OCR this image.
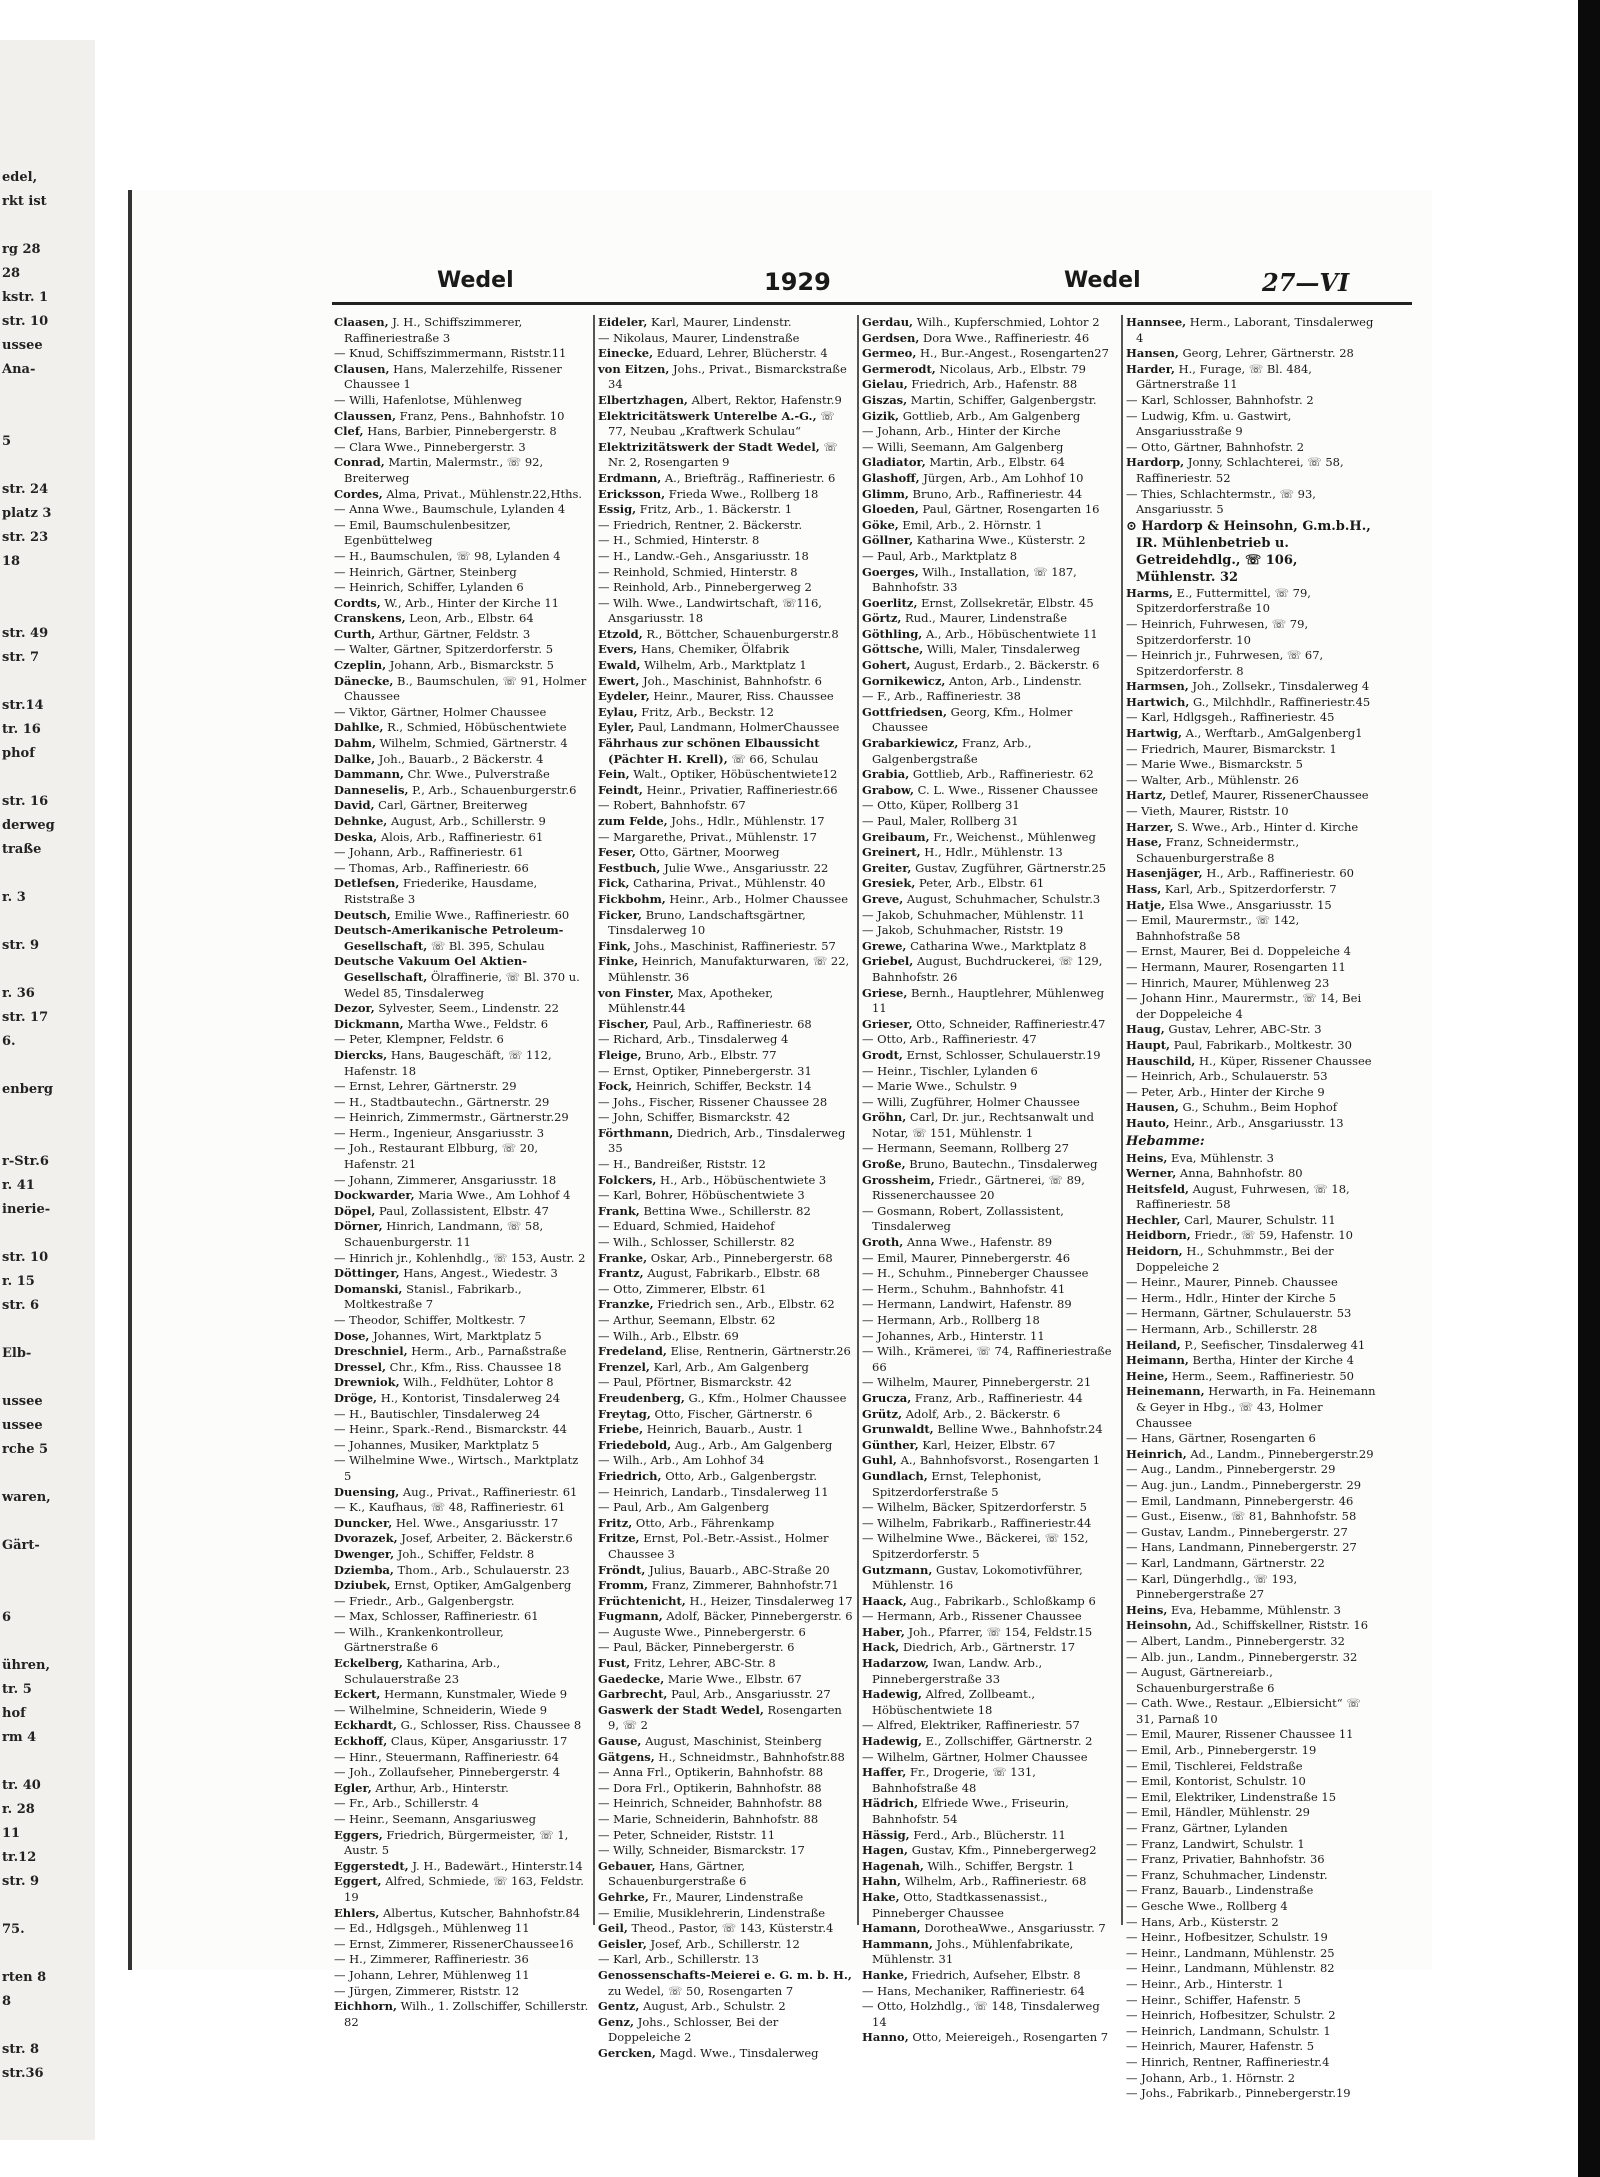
edel,
rkt ist
rg 28
28
kstr. 1
str. 10
ussee
Ana-
5
str. 24
platz 3
str. 23
18
str. 49
str. 7
str.14
tr. 16
phof
str. 16
derweg
traße
r. 3
str. 9
r. 36
str. 17
6.
enberg
r-Str.6
r. 41
inerie-
str. 10
r. 15
str. 6
Elb-
ussee
ussee
rche 5
waren,
Gärt-
6
ühren,
tr. 5
hof
rm 4
tr. 40
r. 28
11
tr.12
str. 9
75.
rten 8
8
str. 8
str.36
Wedel	1929	Wedel	27—VI

Claasen, J. H., Schiffszimmerer, Raffineriestraße 3

— Knud, Schiffszimmermann, Riststr.11

Clausen, Hans, Malerzehilfe, Rissener Chaussee 1

— Willi, Hafenlotse, Mühlenweg

Claussen, Franz, Pens., Bahnhofstr. 10

Clef, Hans, Barbier, Pinnebergerstr. 8

— Clara Wwe., Pinnebergerstr. 3

Conrad, Martin, Malermstr., ☏ 92, Breiterweg

Cordes, Alma, Privat., Mühlenstr.22,Hths.

— Anna Wwe., Baumschule, Lylanden 4

— Emil, Baumschulenbesitzer, Egenbüttelweg

— H., Baumschulen, ☏ 98, Lylanden 4

— Heinrich, Gärtner, Steinberg

— Heinrich, Schiffer, Lylanden 6

Cordts, W., Arb., Hinter der Kirche 11

Cranskens, Leon, Arb., Elbstr. 64

Curth, Arthur, Gärtner, Feldstr. 3

— Walter, Gärtner, Spitzerdorferstr. 5

Czeplin, Johann, Arb., Bismarckstr. 5

Dänecke, B., Baumschulen, ☏ 91, Holmer Chaussee

— Viktor, Gärtner, Holmer Chaussee

Dahlke, R., Schmied, Höbüschentwiete

Dahm, Wilhelm, Schmied, Gärtnerstr. 4

Dalke, Joh., Bauarb., 2 Bäckerstr. 4

Dammann, Chr. Wwe., Pulverstraße

Danneselis, P., Arb., Schauenburgerstr.6

David, Carl, Gärtner, Breiterweg

Dehnke, August, Arb., Schillerstr. 9

Deska, Alois, Arb., Raffineriestr. 61

— Johann, Arb., Raffineriestr. 61

— Thomas, Arb., Raffineriestr. 66

Detlefsen, Friederike, Hausdame, Riststraße 3

Deutsch, Emilie Wwe., Raffineriestr. 60

Deutsch-Amerikanische Petroleum-Gesellschaft, ☏ Bl. 395, Schulau

Deutsche Vakuum Oel Aktien-Gesellschaft, Ölraffinerie, ☏ Bl. 370 u. Wedel 85, Tinsdalerweg

Dezor, Sylvester, Seem., Lindenstr. 22

Dickmann, Martha Wwe., Feldstr. 6

— Peter, Klempner, Feldstr. 6

Diercks, Hans, Baugeschäft, ☏ 112, Hafenstr. 18

— Ernst, Lehrer, Gärtnerstr. 29

— H., Stadtbautechn., Gärtnerstr. 29

— Heinrich, Zimmermstr., Gärtnerstr.29

— Herm., Ingenieur, Ansgariusstr. 3

— Joh., Restaurant Elbburg, ☏ 20, Hafenstr. 21

— Johann, Zimmerer, Ansgariusstr. 18

Dockwarder, Maria Wwe., Am Lohhof 4

Döpel, Paul, Zollassistent, Elbstr. 47

Dörner, Hinrich, Landmann, ☏ 58, Schauenburgerstr. 11

— Hinrich jr., Kohlenhdlg., ☏ 153, Austr. 2

Döttinger, Hans, Angest., Wiedestr. 3

Domanski, Stanisl., Fabrikarb., Moltkestraße 7

— Theodor, Schiffer, Moltkestr. 7

Dose, Johannes, Wirt, Marktplatz 5

Dreschniel, Herm., Arb., Parnaßstraße

Dressel, Chr., Kfm., Riss. Chaussee 18

Drewniok, Wilh., Feldhüter, Lohtor 8

Dröge, H., Kontorist, Tinsdalerweg 24

— H., Bautischler, Tinsdalerweg 24

— Heinr., Spark.-Rend., Bismarckstr. 44

— Johannes, Musiker, Marktplatz 5

— Wilhelmine Wwe., Wirtsch., Marktplatz 5

Duensing, Aug., Privat., Raffineriestr. 61

— K., Kaufhaus, ☏ 48, Raffineriestr. 61

Duncker, Hel. Wwe., Ansgariusstr. 17

Dvorazek, Josef, Arbeiter, 2. Bäckerstr.6

Dwenger, Joh., Schiffer, Feldstr. 8

Dziemba, Thom., Arb., Schulauerstr. 23

Dziubek, Ernst, Optiker, AmGalgenberg

— Friedr., Arb., Galgenbergstr.

— Max, Schlosser, Raffineriestr. 61

— Wilh., Krankenkontrolleur, Gärtnerstraße 6

Eckelberg, Katharina, Arb., Schulauerstraße 23

Eckert, Hermann, Kunstmaler, Wiede 9

— Wilhelmine, Schneiderin, Wiede 9

Eckhardt, G., Schlosser, Riss. Chaussee 8

Eckhoff, Claus, Küper, Ansgariusstr. 17

— Hinr., Steuermann, Raffineriestr. 64

— Joh., Zollaufseher, Pinnebergerstr. 4

Egler, Arthur, Arb., Hinterstr.

— Fr., Arb., Schillerstr. 4

— Heinr., Seemann, Ansgariusweg

Eggers, Friedrich, Bürgermeister, ☏ 1, Austr. 5

Eggerstedt, J. H., Badewärt., Hinterstr.14

Eggert, Alfred, Schmiede, ☏ 163, Feldstr. 19

Ehlers, Albertus, Kutscher, Bahnhofstr.84

— Ed., Hdlgsgeh., Mühlenweg 11

— Ernst, Zimmerer, RissenerChaussee16

— H., Zimmerer, Raffineriestr. 36

— Johann, Lehrer, Mühlenweg 11

— Jürgen, Zimmerer, Riststr. 12

Eichhorn, Wilh., 1. Zollschiffer, Schillerstr. 82

Eideler, Karl, Maurer, Lindenstr.

— Nikolaus, Maurer, Lindenstraße

Einecke, Eduard, Lehrer, Blücherstr. 4

von Eitzen, Johs., Privat., Bismarckstraße 34

Elbertzhagen, Albert, Rektor, Hafenstr.9

Elektricitätswerk Unterelbe A.-G., ☏ 77, Neubau „Kraftwerk Schulau“

Elektrizitätswerk der Stadt Wedel, ☏ Nr. 2, Rosengarten 9

Erdmann, A., Briefträg., Raffineriestr. 6

Ericksson, Frieda Wwe., Rollberg 18

Essig, Fritz, Arb., 1. Bäckerstr. 1

— Friedrich, Rentner, 2. Bäckerstr.

— H., Schmied, Hinterstr. 8

— H., Landw.-Geh., Ansgariusstr. 18

— Reinhold, Schmied, Hinterstr. 8

— Reinhold, Arb., Pinnebergerweg 2

— Wilh. Wwe., Landwirtschaft, ☏116, Ansgariusstr. 18

Etzold, R., Böttcher, Schauenburgerstr.8

Evers, Hans, Chemiker, Ölfabrik

Ewald, Wilhelm, Arb., Marktplatz 1

Ewert, Joh., Maschinist, Bahnhofstr. 6

Eydeler, Heinr., Maurer, Riss. Chaussee

Eylau, Fritz, Arb., Beckstr. 12

Eyler, Paul, Landmann, HolmerChaussee

Fährhaus zur schönen Elbaussicht (Pächter H. Krell), ☏ 66, Schulau

Fein, Walt., Optiker, Höbüschentwiete12

Feindt, Heinr., Privatier, Raffineriestr.66

— Robert, Bahnhofstr. 67

zum Felde, Johs., Hdlr., Mühlenstr. 17

— Margarethe, Privat., Mühlenstr. 17

Feser, Otto, Gärtner, Moorweg

Festbuch, Julie Wwe., Ansgariusstr. 22

Fick, Catharina, Privat., Mühlenstr. 40

Fickbohm, Heinr., Arb., Holmer Chaussee

Ficker, Bruno, Landschaftsgärtner, Tinsdalerweg 10

Fink, Johs., Maschinist, Raffineriestr. 57

Finke, Heinrich, Manufakturwaren, ☏ 22, Mühlenstr. 36

von Finster, Max, Apotheker, Mühlenstr.44

Fischer, Paul, Arb., Raffineriestr. 68

— Richard, Arb., Tinsdalerweg 4

Fleige, Bruno, Arb., Elbstr. 77

— Ernst, Optiker, Pinnebergerstr. 31

Fock, Heinrich, Schiffer, Beckstr. 14

— Johs., Fischer, Rissener Chaussee 28

— John, Schiffer, Bismarckstr. 42

Förthmann, Diedrich, Arb., Tinsdalerweg 35

— H., Bandreißer, Riststr. 12

Folckers, H., Arb., Höbüschentwiete 3

— Karl, Bohrer, Höbüschentwiete 3

Frank, Bettina Wwe., Schillerstr. 82

— Eduard, Schmied, Haidehof

— Wilh., Schlosser, Schillerstr. 82

Franke, Oskar, Arb., Pinnebergerstr. 68

Frantz, August, Fabrikarb., Elbstr. 68

— Otto, Zimmerer, Elbstr. 61

Franzke, Friedrich sen., Arb., Elbstr. 62

— Arthur, Seemann, Elbstr. 62

— Wilh., Arb., Elbstr. 69

Fredeland, Elise, Rentnerin, Gärtnerstr.26

Frenzel, Karl, Arb., Am Galgenberg

— Paul, Pförtner, Bismarckstr. 42

Freudenberg, G., Kfm., Holmer Chaussee

Freytag, Otto, Fischer, Gärtnerstr. 6

Friebe, Heinrich, Bauarb., Austr. 1

Friedebold, Aug., Arb., Am Galgenberg

— Wilh., Arb., Am Lohhof 34

Friedrich, Otto, Arb., Galgenbergstr.

— Heinrich, Landarb., Tinsdalerweg 11

— Paul, Arb., Am Galgenberg

Fritz, Otto, Arb., Fährenkamp

Fritze, Ernst, Pol.-Betr.-Assist., Holmer Chaussee 3

Fröndt, Julius, Bauarb., ABC-Straße 20

Fromm, Franz, Zimmerer, Bahnhofstr.71

Früchtenicht, H., Heizer, Tinsdalerweg 17

Fugmann, Adolf, Bäcker, Pinnebergerstr. 6

— Auguste Wwe., Pinnebergerstr. 6

— Paul, Bäcker, Pinnebergerstr. 6

Fust, Fritz, Lehrer, ABC-Str. 8

Gaedecke, Marie Wwe., Elbstr. 67

Garbrecht, Paul, Arb., Ansgariusstr. 27

Gaswerk der Stadt Wedel, Rosengarten 9, ☏ 2

Gause, August, Maschinist, Steinberg

Gätgens, H., Schneidmstr., Bahnhofstr.88

— Anna Frl., Optikerin, Bahnhofstr. 88

— Dora Frl., Optikerin, Bahnhofstr. 88

— Heinrich, Schneider, Bahnhofstr. 88

— Marie, Schneiderin, Bahnhofstr. 88

— Peter, Schneider, Riststr. 11

— Willy, Schneider, Bismarckstr. 17

Gebauer, Hans, Gärtner, Schauenburgerstraße 6

Gehrke, Fr., Maurer, Lindenstraße

— Emilie, Musiklehrerin, Lindenstraße

Geil, Theod., Pastor, ☏ 143, Küsterstr.4

Geisler, Josef, Arb., Schillerstr. 12

— Karl, Arb., Schillerstr. 13

Genossenschafts-Meierei e. G. m. b. H., zu Wedel, ☏ 50, Rosengarten 7

Gentz, August, Arb., Schulstr. 2

Genz, Johs., Schlosser, Bei der Doppeleiche 2

Gercken, Magd. Wwe., Tinsdalerweg

Gerdau, Wilh., Kupferschmied, Lohtor 2

Gerdsen, Dora Wwe., Raffineriestr. 46

Germeo, H., Bur.-Angest., Rosengarten27

Germerodt, Nicolaus, Arb., Elbstr. 79

Gielau, Friedrich, Arb., Hafenstr. 88

Giszas, Martin, Schiffer, Galgenbergstr.

Gizik, Gottlieb, Arb., Am Galgenberg

— Johann, Arb., Hinter der Kirche

— Willi, Seemann, Am Galgenberg

Gladiator, Martin, Arb., Elbstr. 64

Glashoff, Jürgen, Arb., Am Lohhof 10

Glimm, Bruno, Arb., Raffineriestr. 44

Gloeden, Paul, Gärtner, Rosengarten 16

Göke, Emil, Arb., 2. Hörnstr. 1

Göllner, Katharina Wwe., Küsterstr. 2

— Paul, Arb., Marktplatz 8

Goerges, Wilh., Installation, ☏ 187, Bahnhofstr. 33

Goerlitz, Ernst, Zollsekretär, Elbstr. 45

Görtz, Rud., Maurer, Lindenstraße

Göthling, A., Arb., Höbüschentwiete 11

Göttsche, Willi, Maler, Tinsdalerweg

Gohert, August, Erdarb., 2. Bäckerstr. 6

Gornikewicz, Anton, Arb., Lindenstr.

— F., Arb., Raffineriestr. 38

Gottfriedsen, Georg, Kfm., Holmer Chaussee

Grabarkiewicz, Franz, Arb., Galgenbergstraße

Grabia, Gottlieb, Arb., Raffineriestr. 62

Grabow, C. L. Wwe., Rissener Chaussee

— Otto, Küper, Rollberg 31

— Paul, Maler, Rollberg 31

Greibaum, Fr., Weichenst., Mühlenweg

Greinert, H., Hdlr., Mühlenstr. 13

Greiter, Gustav, Zugführer, Gärtnerstr.25

Gresiek, Peter, Arb., Elbstr. 61

Greve, August, Schuhmacher, Schulstr.3

— Jakob, Schuhmacher, Mühlenstr. 11

— Jakob, Schuhmacher, Riststr. 19

Grewe, Catharina Wwe., Marktplatz 8

Griebel, August, Buchdruckerei, ☏ 129, Bahnhofstr. 26

Griese, Bernh., Hauptlehrer, Mühlenweg 11

Grieser, Otto, Schneider, Raffineriestr.47

— Otto, Arb., Raffineriestr. 47

Grodt, Ernst, Schlosser, Schulauerstr.19

— Heinr., Tischler, Lylanden 6

— Marie Wwe., Schulstr. 9

— Willi, Zugführer, Holmer Chaussee

Gröhn, Carl, Dr. jur., Rechtsanwalt und Notar, ☏ 151, Mühlenstr. 1

— Hermann, Seemann, Rollberg 27

Große, Bruno, Bautechn., Tinsdalerweg

Grossheim, Friedr., Gärtnerei, ☏ 89, Rissenerchaussee 20

— Gosmann, Robert, Zollassistent, Tinsdalerweg

Groth, Anna Wwe., Hafenstr. 89

— Emil, Maurer, Pinnebergerstr. 46

— H., Schuhm., Pinneberger Chaussee

— Herm., Schuhm., Bahnhofstr. 41

— Hermann, Landwirt, Hafenstr. 89

— Hermann, Arb., Rollberg 18

— Johannes, Arb., Hinterstr. 11

— Wilh., Krämerei, ☏ 74, Raffineriestraße 66

— Wilhelm, Maurer, Pinnebergerstr. 21

Grucza, Franz, Arb., Raffineriestr. 44

Grütz, Adolf, Arb., 2. Bäckerstr. 6

Grunwaldt, Belline Wwe., Bahnhofstr.24

Günther, Karl, Heizer, Elbstr. 67

Guhl, A., Bahnhofsvorst., Rosengarten 1

Gundlach, Ernst, Telephonist, Spitzerdorferstraße 5

— Wilhelm, Bäcker, Spitzerdorferstr. 5

— Wilhelm, Fabrikarb., Raffineriestr.44

— Wilhelmine Wwe., Bäckerei, ☏ 152, Spitzerdorferstr. 5

Gutzmann, Gustav, Lokomotivführer, Mühlenstr. 16

Haack, Aug., Fabrikarb., Schloßkamp 6

— Hermann, Arb., Rissener Chaussee

Haber, Joh., Pfarrer, ☏ 154, Feldstr.15

Hack, Diedrich, Arb., Gärtnerstr. 17

Hadarzow, Iwan, Landw. Arb., Pinnebergerstraße 33

Hadewig, Alfred, Zollbeamt., Höbüschentwiete 18

— Alfred, Elektriker, Raffineriestr. 57

Hadewig, E., Zollschiffer, Gärtnerstr. 2

— Wilhelm, Gärtner, Holmer Chaussee

Haffer, Fr., Drogerie, ☏ 131, Bahnhofstraße 48

Hädrich, Elfriede Wwe., Friseurin, Bahnhofstr. 54

Hässig, Ferd., Arb., Blücherstr. 11

Hagen, Gustav, Kfm., Pinnebergerweg2

Hagenah, Wilh., Schiffer, Bergstr. 1

Hahn, Wilhelm, Arb., Raffineriestr. 68

Hake, Otto, Stadtkassenassist., Pinneberger Chaussee

Hamann, DorotheaWwe., Ansgariusstr. 7

Hammann, Johs., Mühlenfabrikate, Mühlenstr. 31

Hanke, Friedrich, Aufseher, Elbstr. 8

— Hans, Mechaniker, Raffineriestr. 64

— Otto, Holzhdlg., ☏ 148, Tinsdalerweg 14

Hanno, Otto, Meiereigeh., Rosengarten 7

Hannsee, Herm., Laborant, Tinsdalerweg 4

Hansen, Georg, Lehrer, Gärtnerstr. 28

Harder, H., Furage, ☏ Bl. 484, Gärtnerstraße 11

— Karl, Schlosser, Bahnhofstr. 2

— Ludwig, Kfm. u. Gastwirt, Ansgariusstraße 9

— Otto, Gärtner, Bahnhofstr. 2

Hardorp, Jonny, Schlachterei, ☏ 58, Raffineriestr. 52

— Thies, Schlachtermstr., ☏ 93, Ansgariusstr. 5

⊙ Hardorp & Heinsohn, G.m.b.H., IR. Mühlenbetrieb u. Getreidehdlg., ☏ 106, Mühlenstr. 32

Harms, E., Futtermittel, ☏ 79, Spitzerdorferstraße 10

— Heinrich, Fuhrwesen, ☏ 79, Spitzerdorferstr. 10

— Heinrich jr., Fuhrwesen, ☏ 67, Spitzerdorferstr. 8

Harmsen, Joh., Zollsekr., Tinsdalerweg 4

Hartwich, G., Milchhdlr., Raffineriestr.45

— Karl, Hdlgsgeh., Raffineriestr. 45

Hartwig, A., Werftarb., AmGalgenberg1

— Friedrich, Maurer, Bismarckstr. 1

— Marie Wwe., Bismarckstr. 5

— Walter, Arb., Mühlenstr. 26

Hartz, Detlef, Maurer, RissenerChaussee

— Vieth, Maurer, Riststr. 10

Harzer, S. Wwe., Arb., Hinter d. Kirche

Hase, Franz, Schneidermstr., Schauenburgerstraße 8

Hasenjäger, H., Arb., Raffineriestr. 60

Hass, Karl, Arb., Spitzerdorferstr. 7

Hatje, Elsa Wwe., Ansgariusstr. 15

— Emil, Maurermstr., ☏ 142, Bahnhofstraße 58

— Ernst, Maurer, Bei d. Doppeleiche 4

— Hermann, Maurer, Rosengarten 11

— Hinrich, Maurer, Mühlenweg 23

— Johann Hinr., Maurermstr., ☏ 14, Bei der Doppeleiche 4

Haug, Gustav, Lehrer, ABC-Str. 3

Haupt, Paul, Fabrikarb., Moltkestr. 30

Hauschild, H., Küper, Rissener Chaussee

— Heinrich, Arb., Schulauerstr. 53

— Peter, Arb., Hinter der Kirche 9

Hausen, G., Schuhm., Beim Hophof

Hauto, Heinr., Arb., Ansgariusstr. 13

Hebamme:

Heins, Eva, Mühlenstr. 3

Werner, Anna, Bahnhofstr. 80

Heitsfeld, August, Fuhrwesen, ☏ 18, Raffineriestr. 58

Hechler, Carl, Maurer, Schulstr. 11

Heidborn, Friedr., ☏ 59, Hafenstr. 10

Heidorn, H., Schuhmmstr., Bei der Doppeleiche 2

— Heinr., Maurer, Pinneb. Chaussee

— Herm., Hdlr., Hinter der Kirche 5

— Hermann, Gärtner, Schulauerstr. 53

— Hermann, Arb., Schillerstr. 28

Heiland, P., Seefischer, Tinsdalerweg 41

Heimann, Bertha, Hinter der Kirche 4

Heine, Herm., Seem., Raffineriestr. 50

Heinemann, Herwarth, in Fa. Heinemann & Geyer in Hbg., ☏ 43, Holmer Chaussee

— Hans, Gärtner, Rosengarten 6

Heinrich, Ad., Landm., Pinnebergerstr.29

— Aug., Landm., Pinnebergerstr. 29

— Aug. jun., Landm., Pinnebergerstr. 29

— Emil, Landmann, Pinnebergerstr. 46

— Gust., Eisenw., ☏ 81, Bahnhofstr. 58

— Gustav, Landm., Pinnebergerstr. 27

— Hans, Landmann, Pinnebergerstr. 27

— Karl, Landmann, Gärtnerstr. 22

— Karl, Düngerhdlg., ☏ 193, Pinnebergerstraße 27

Heins, Eva, Hebamme, Mühlenstr. 3

Heinsohn, Ad., Schiffskellner, Riststr. 16

— Albert, Landm., Pinnebergerstr. 32

— Alb. jun., Landm., Pinnebergerstr. 32

— August, Gärtnereiarb., Schauenburgerstraße 6

— Cath. Wwe., Restaur. „Elbiersicht“ ☏ 31, Parnaß 10

— Emil, Maurer, Rissener Chaussee 11

— Emil, Arb., Pinnebergerstr. 19

— Emil, Tischlerei, Feldstraße

— Emil, Kontorist, Schulstr. 10

— Emil, Elektriker, Lindenstraße 15

— Emil, Händler, Mühlenstr. 29

— Franz, Gärtner, Lylanden

— Franz, Landwirt, Schulstr. 1

— Franz, Privatier, Bahnhofstr. 36

— Franz, Schuhmacher, Lindenstr.

— Franz, Bauarb., Lindenstraße

— Gesche Wwe., Rollberg 4

— Hans, Arb., Küsterstr. 2

— Heinr., Hofbesitzer, Schulstr. 19

— Heinr., Landmann, Mühlenstr. 25

— Heinr., Landmann, Mühlenstr. 82

— Heinr., Arb., Hinterstr. 1

— Heinr., Schiffer, Hafenstr. 5

— Heinrich, Hofbesitzer, Schulstr. 2

— Heinrich, Landmann, Schulstr. 1

— Heinrich, Maurer, Hafenstr. 5

— Hinrich, Rentner, Raffineriestr.4

— Johann, Arb., 1. Hörnstr. 2

— Johs., Fabrikarb., Pinnebergerstr.19
